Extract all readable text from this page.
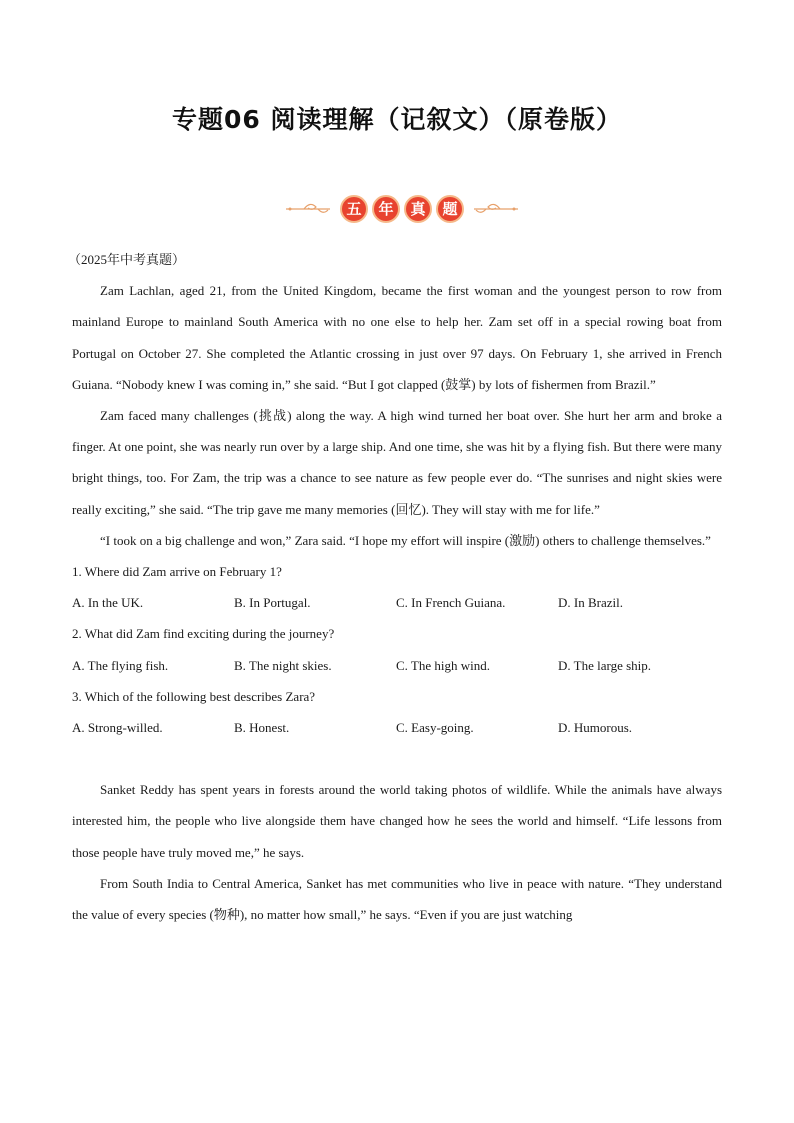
专题06 阅读理解（记叙文）（原卷版）
五	年	真	题

（2025年中考真题）

Zam Lachlan, aged 21, from the United Kingdom, became the first woman and the youngest person to row from mainland Europe to mainland South America with no one else to help her. Zam set off in a special rowing boat from Portugal on October 27. She completed the Atlantic crossing in just over 97 days. On February 1, she arrived in French Guiana. “Nobody knew I was coming in,” she said. “But I got clapped (鼓掌) by lots of fishermen from Brazil.”

Zam faced many challenges (挑战) along the way. A high wind turned her boat over. She hurt her arm and broke a finger. At one point, she was nearly run over by a large ship. And one time, she was hit by a flying fish. But there were many bright things, too. For Zam, the trip was a chance to see nature as few people ever do. “The sunrises and night skies were really exciting,” she said. “The trip gave me many memories (回忆). They will stay with me for life.”

“I took on a big challenge and won,” Zara said. “I hope my effort will inspire (激励) others to challenge themselves.”

1. Where did Zam arrive on February 1?

A. In the UK.	B. In Portugal.	C. In French Guiana.	D. In Brazil.

2. What did Zam find exciting during the journey?

A. The flying fish.	B. The night skies.	C. The high wind.	D. The large ship.

3. Which of the following best describes Zara?

A. Strong-willed.	B. Honest.	C. Easy-going.	D. Humorous.

Sanket Reddy has spent years in forests around the world taking photos of wildlife. While the animals have always interested him, the people who live alongside them have changed how he sees the world and himself. “Life lessons from those people have truly moved me,” he says.

From South India to Central America, Sanket has met communities who live in peace with nature. “They understand the value of every species (物种), no matter how small,” he says. “Even if you are just watching
